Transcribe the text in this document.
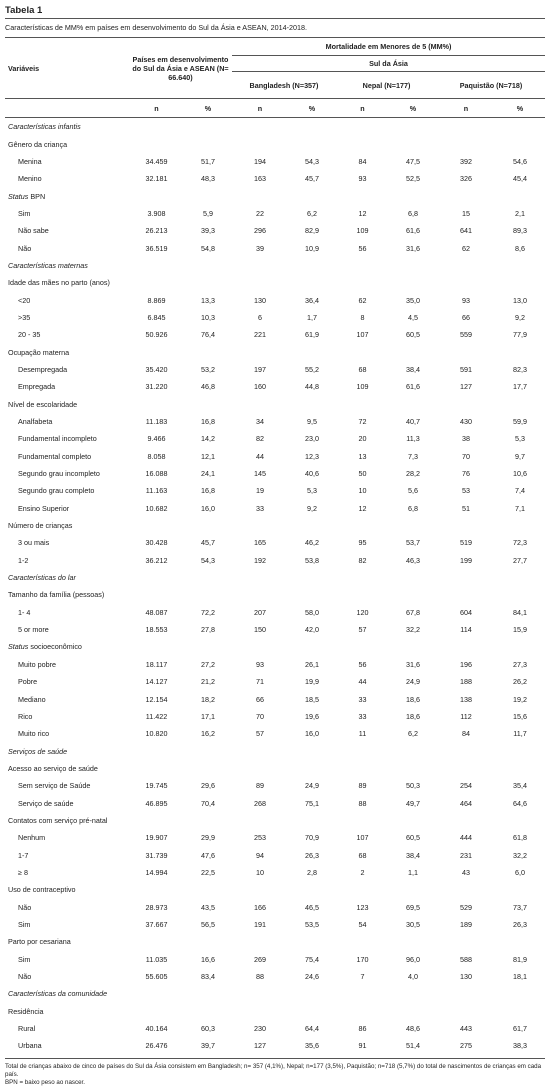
Tabela 1
Características de MM% em países em desenvolvimento do Sul da Ásia e ASEAN, 2014-2018.
Variáveis	Países em desenvolvimento do Sul da Ásia e ASEAN (N= 66.640)		Mortalidade em Menores de 5 (MM%)					
			Sul da Ásia					
			Bangladesh (N=357)		Nepal (N=177)		Paquistão (N=718)	
	n	%	n	%	n	%	n	%
Características infantis								
Gênero da criança								
Menina	34.459	51,7	194	54,3	84	47,5	392	54,6
Menino	32.181	48,3	163	45,7	93	52,5	326	45,4
Status BPN								
Sim	3.908	5,9	22	6,2	12	6,8	15	2,1
Não sabe	26.213	39,3	296	82,9	109	61,6	641	89,3
Não	36.519	54,8	39	10,9	56	31,6	62	8,6
Características maternas								
Idade das mães no parto (anos)								
<20	8.869	13,3	130	36,4	62	35,0	93	13,0
>35	6.845	10,3	6	1,7	8	4,5	66	9,2
20 - 35	50.926	76,4	221	61,9	107	60,5	559	77,9
Ocupação materna								
Desempregada	35.420	53,2	197	55,2	68	38,4	591	82,3
Empregada	31.220	46,8	160	44,8	109	61,6	127	17,7
Nível de escolaridade								
Analfabeta	11.183	16,8	34	9,5	72	40,7	430	59,9
Fundamental incompleto	9.466	14,2	82	23,0	20	11,3	38	5,3
Fundamental completo	8.058	12,1	44	12,3	13	7,3	70	9,7
Segundo grau incompleto	16.088	24,1	145	40,6	50	28,2	76	10,6
Segundo grau completo	11.163	16,8	19	5,3	10	5,6	53	7,4
Ensino Superior	10.682	16,0	33	9,2	12	6,8	51	7,1
Número de crianças								
3 ou mais	30.428	45,7	165	46,2	95	53,7	519	72,3
1-2	36.212	54,3	192	53,8	82	46,3	199	27,7
Características do lar								
Tamanho da família (pessoas)								
1- 4	48.087	72,2	207	58,0	120	67,8	604	84,1
5 or more	18.553	27,8	150	42,0	57	32,2	114	15,9
Status socioeconômico								
Muito pobre	18.117	27,2	93	26,1	56	31,6	196	27,3
Pobre	14.127	21,2	71	19,9	44	24,9	188	26,2
Mediano	12.154	18,2	66	18,5	33	18,6	138	19,2
Rico	11.422	17,1	70	19,6	33	18,6	112	15,6
Muito rico	10.820	16,2	57	16,0	11	6,2	84	11,7
Serviços de saúde								
Acesso ao serviço de saúde								
Sem serviço de Saúde	19.745	29,6	89	24,9	89	50,3	254	35,4
Serviço de saúde	46.895	70,4	268	75,1	88	49,7	464	64,6
Contatos com serviço pré-natal								
Nenhum	19.907	29,9	253	70,9	107	60,5	444	61,8
1-7	31.739	47,6	94	26,3	68	38,4	231	32,2
≥ 8	14.994	22,5	10	2,8	2	1,1	43	6,0
Uso de contraceptivo								
Não	28.973	43,5	166	46,5	123	69,5	529	73,7
Sim	37.667	56,5	191	53,5	54	30,5	189	26,3
Parto por cesariana								
Sim	11.035	16,6	269	75,4	170	96,0	588	81,9
Não	55.605	83,4	88	24,6	7	4,0	130	18,1
Características da comunidade								
Residência								
Rural	40.164	60,3	230	64,4	86	48,6	443	61,7
Urbana	26.476	39,7	127	35,6	91	51,4	275	38,3
Total de crianças abaixo de cinco de países do Sul da Ásia consistem em Bangladesh; n= 357 (4,1%), Nepal; n=177 (3,5%), Paquistão; n=718 (5,7%) do total de nascimentos de crianças em cada país.
BPN = baixo peso ao nascer.
